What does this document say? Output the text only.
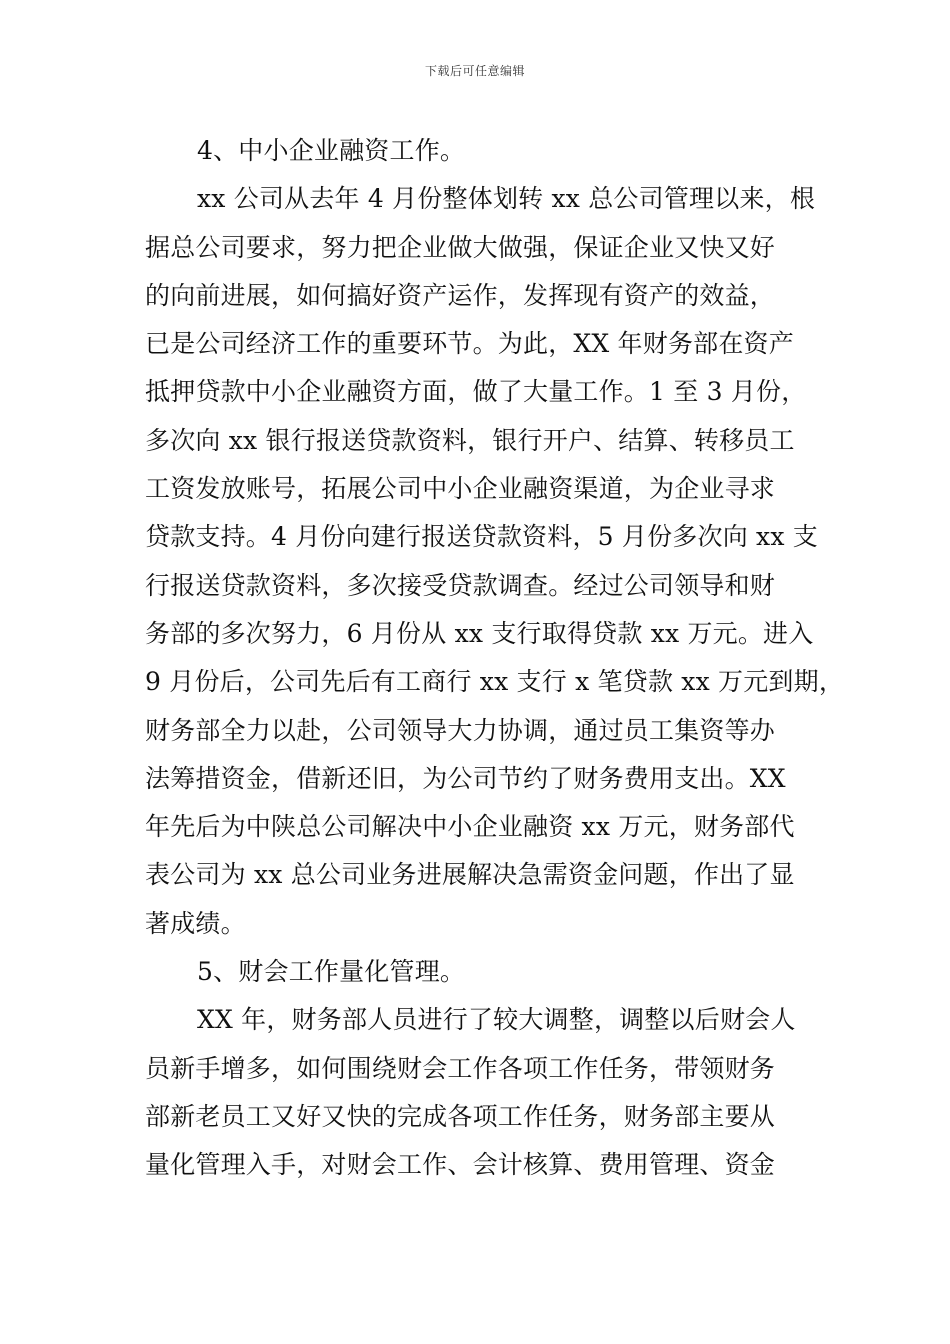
下载后可任意编辑
4、中小企业融资工作。
xx 公司从去年 4 月份整体划转 xx 总公司管理以来，根
据总公司要求，努力把企业做大做强，保证企业又快又好
的向前进展，如何搞好资产运作，发挥现有资产的效益，
已是公司经济工作的重要环节。为此，XX 年财务部在资产
抵押贷款中小企业融资方面，做了大量工作。1 至 3 月份，
多次向 xx 银行报送贷款资料，银行开户、结算、转移员工
工资发放账号，拓展公司中小企业融资渠道，为企业寻求
贷款支持。4 月份向建行报送贷款资料，5 月份多次向 xx 支
行报送贷款资料，多次接受贷款调查。经过公司领导和财
务部的多次努力，6 月份从 xx 支行取得贷款 xx 万元。进入
9 月份后，公司先后有工商行 xx 支行 x 笔贷款 xx 万元到期，
财务部全力以赴，公司领导大力协调，通过员工集资等办
法筹措资金，借新还旧，为公司节约了财务费用支出。XX
年先后为中陕总公司解决中小企业融资 xx 万元，财务部代
表公司为 xx 总公司业务进展解决急需资金问题，作出了显
著成绩。
5、财会工作量化管理。
XX 年，财务部人员进行了较大调整，调整以后财会人
员新手增多，如何围绕财会工作各项工作任务，带领财务
部新老员工又好又快的完成各项工作任务，财务部主要从
量化管理入手，对财会工作、会计核算、费用管理、资金
